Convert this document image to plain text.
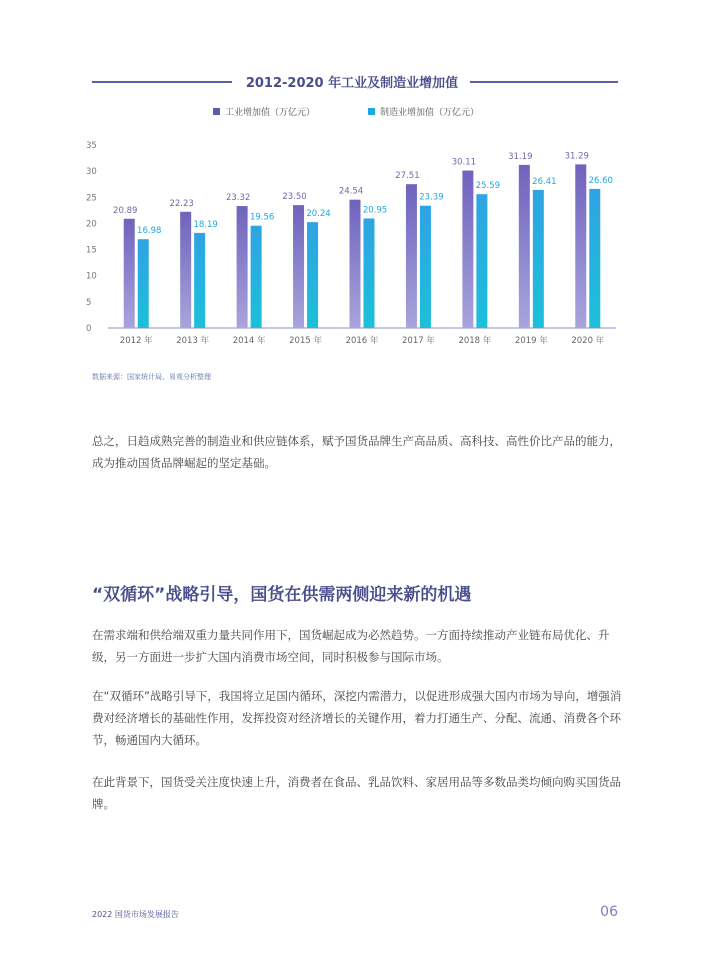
2012-2020 年工业及制造业增加值
工业增加值（万亿元）	制造业增加值（万亿元）
0
5
10
15
20
25
30
35
20.89
16.98
2012 年
22.23
18.19
2013 年
23.32
19.56
2014 年
23.50
20.24
2015 年
24.54
20.95
2016 年
27.51
23.39
2017 年
30.11
25.59
2018 年
31.19
26.41
2019 年
31.29
26.60
2020 年
数据来源：国家统计局、易观分析整理
总之，日趋成熟完善的制造业和供应链体系，赋予国货品牌生产高品质、高科技、高性价比产品的能力，成为推动国货品牌崛起的坚定基础。
“双循环”战略引导，国货在供需两侧迎来新的机遇
在需求端和供给端双重力量共同作用下，国货崛起成为必然趋势。一方面持续推动产业链布局优化、升级，另一方面进一步扩大国内消费市场空间，同时积极参与国际市场。
在“双循环”战略引导下，我国将立足国内循环，深挖内需潜力，以促进形成强大国内市场为导向，增强消费对经济增长的基础性作用，发挥投资对经济增长的关键作用，着力打通生产、分配、流通、消费各个环节，畅通国内大循环。
在此背景下，国货受关注度快速上升，消费者在食品、乳品饮料、家居用品等多数品类均倾向购买国货品牌。
2022 国货市场发展报告	06
